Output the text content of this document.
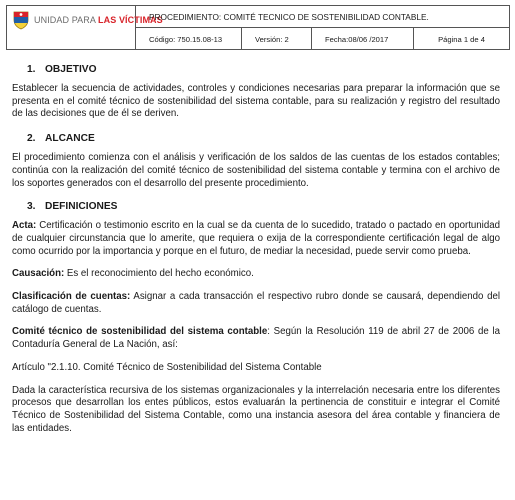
UNIDAD PARA LAS VÍCTIMAS
PROCEDIMIENTO: COMITÉ TECNICO DE SOSTENIBILIDAD CONTABLE.
Código: 750.15.08-13	Versión: 2	Fecha:08/06 /2017	Página 1 de 4
1. OBJETIVO

Establecer la secuencia de actividades, controles y condiciones necesarias para preparar la información que se presenta en el comité técnico de sostenibilidad del sistema contable, para su realización y registro del resultado de las decisiones que de él se deriven.

2. ALCANCE

El procedimiento comienza con el análisis y verificación de los saldos de las cuentas de los estados contables; continúa con la realización del comité técnico de sostenibilidad del sistema contable y termina con el archivo de los soportes generados con el desarrollo del presente procedimiento.

3. DEFINICIONES

Acta: Certificación o testimonio escrito en la cual se da cuenta de lo sucedido, tratado o pactado en oportunidad de cualquier circunstancia que lo amerite, que requiera o exija de la correspondiente certificación legal de algo como ocurrido por la importancia y porque en el futuro, de mediar la necesidad, puede servir como prueba.

Causación: Es el reconocimiento del hecho económico.

Clasificación de cuentas: Asignar a cada transacción el respectivo rubro donde se causará, dependiendo del catálogo de cuentas.

Comité técnico de sostenibilidad del sistema contable: Según la Resolución 119 de abril 27 de 2006 de la Contaduría General de La Nación, así:

Artículo "2.1.10. Comité Técnico de Sostenibilidad del Sistema Contable

Dada la característica recursiva de los sistemas organizacionales y la interrelación necesaria entre los diferentes procesos que desarrollan los entes públicos, estos evaluarán la pertinencia de constituir e integrar el Comité Técnico de Sostenibilidad del Sistema Contable, como una instancia asesora del área contable y financiera de las entidades.
